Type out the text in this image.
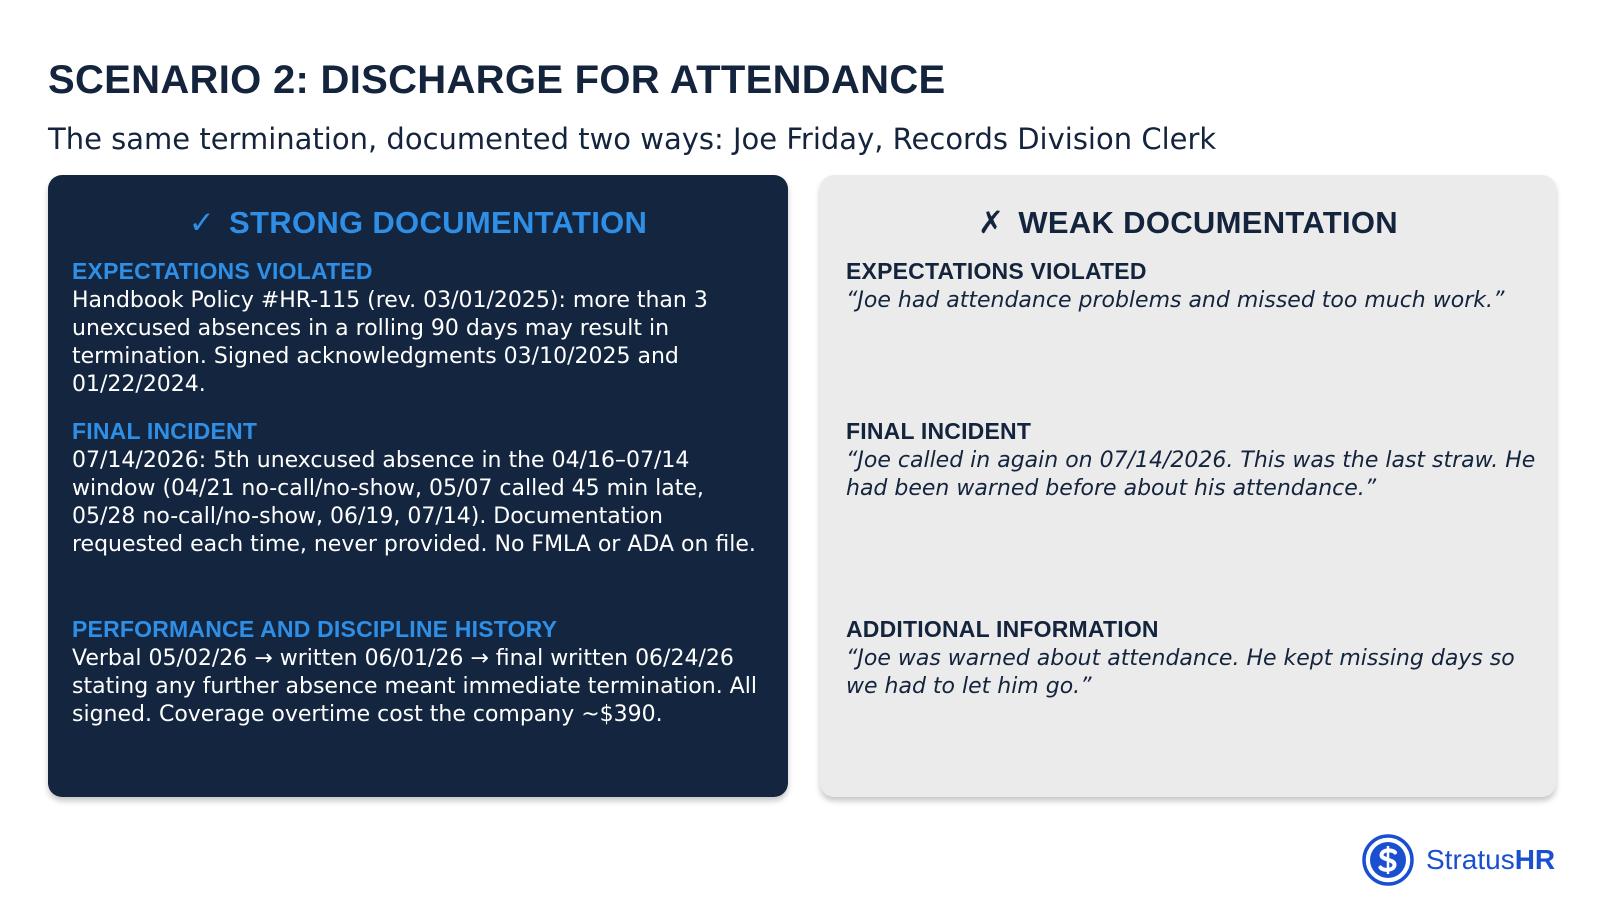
SCENARIO 2: DISCHARGE FOR ATTENDANCE

The same termination, documented two ways: Joe Friday, Records Division Clerk

✓ STRONG DOCUMENTATION
EXPECTATIONS VIOLATED
Handbook Policy #HR-115 (rev. 03/01/2025): more than 3 unexcused absences in a rolling 90 days may result in termination. Signed acknowledgments 03/10/2025 and 01/22/2024.
FINAL INCIDENT
07/14/2026: 5th unexcused absence in the 04/16–07/14 window (04/21 no-call/no-show, 05/07 called 45 min late, 05/28 no-call/no-show, 06/19, 07/14). Documentation requested each time, never provided. No FMLA or ADA on file.
PERFORMANCE AND DISCIPLINE HISTORY
Verbal 05/02/26 → written 06/01/26 → final written 06/24/26 stating any further absence meant immediate termination. All signed. Coverage overtime cost the company ~$390.
✗ WEAK DOCUMENTATION
EXPECTATIONS VIOLATED
“Joe had attendance problems and missed too much work.”
FINAL INCIDENT
“Joe called in again on 07/14/2026. This was the last straw. He had been warned before about his attendance.”
ADDITIONAL INFORMATION
“Joe was warned about attendance. He kept missing days so we had to let him go.”
StratusHR
